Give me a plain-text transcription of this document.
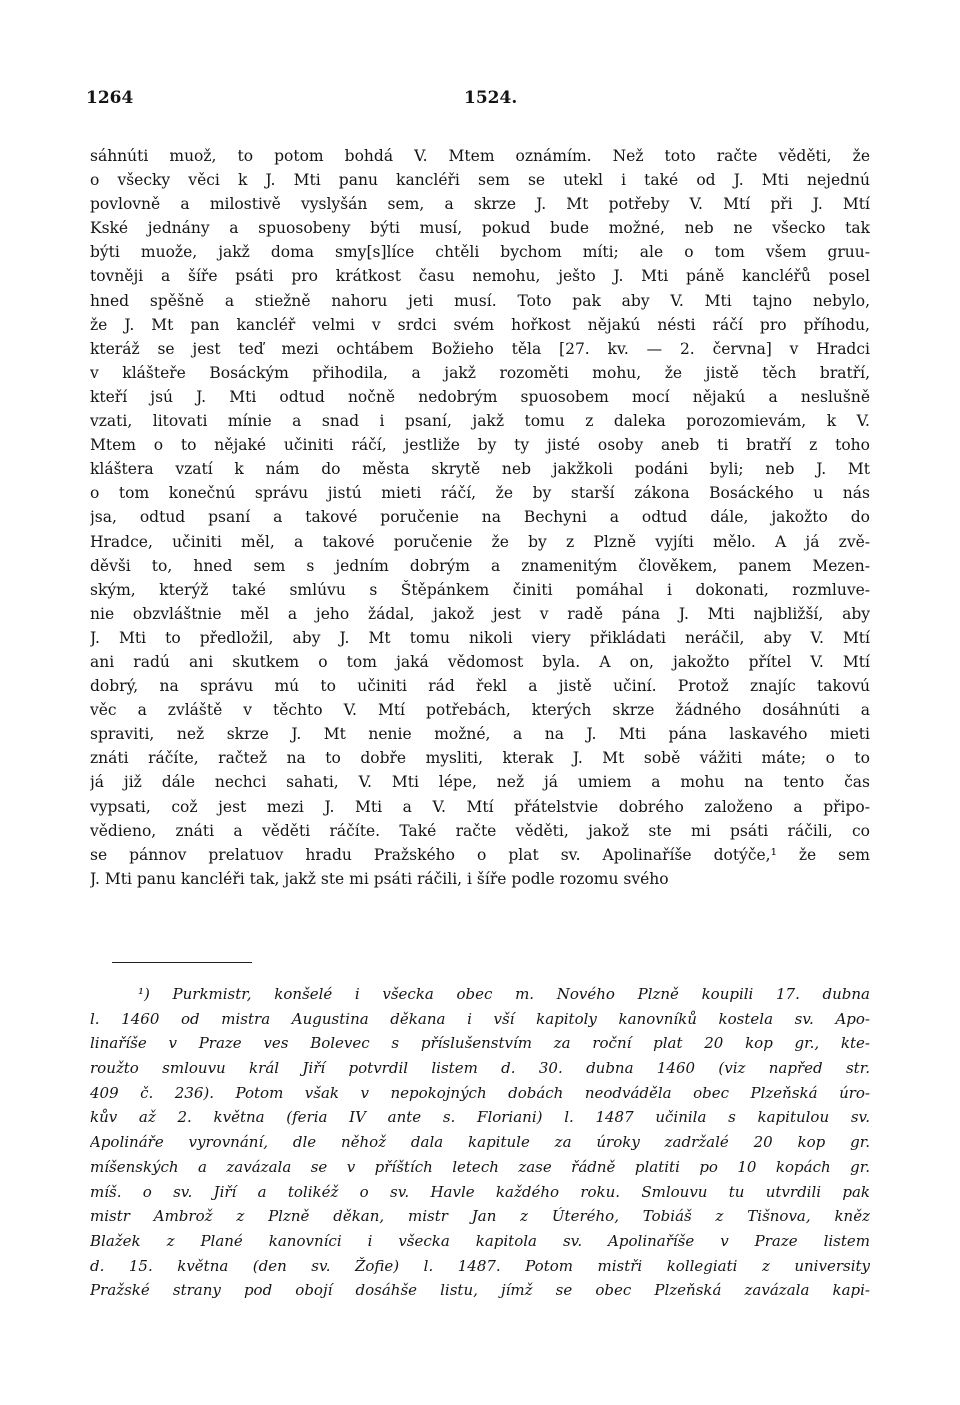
1264	1524.
sáhnúti muož, to potom bohdá V. Mtem oznámím. Než toto račte věděti, že
o všecky věci k J. Mti panu kancléři sem se utekl i také od J. Mti nejednú
povlovně a milostivě vyslyšán sem, a skrze J. Mt potřeby V. Mtí při J. Mtí
Kské jednány a spuosobeny býti musí, pokud bude možné, neb ne všecko tak
býti muože, jakž doma smy[s]líce chtěli bychom míti; ale o tom všem gruu-
tovněji a šíře psáti pro krátkost času nemohu, ješto J. Mti páně kancléřů posel
hned spěšně a stiežně nahoru jeti musí. Toto pak aby V. Mti tajno nebylo,
že J. Mt pan kancléř velmi v srdci svém hořkost nějakú nésti ráčí pro příhodu,
kteráž se jest teď mezi ochtábem Božieho těla [27. kv. — 2. června] v Hradci
v klášteře Bosáckým přihodila, a jakž rozoměti mohu, že jistě těch bratří,
kteří jsú J. Mti odtud nočně nedobrým spuosobem mocí nějakú a neslušně
vzati, litovati mínie a snad i psaní, jakž tomu z daleka porozomievám, k V.
Mtem o to nějaké učiniti ráčí, jestliže by ty jisté osoby aneb ti bratří z toho
kláštera vzatí k nám do města skrytě neb jakžkoli podáni byli; neb J. Mt
o tom konečnú správu jistú mieti ráčí, že by starší zákona Bosáckého u nás
jsa, odtud psaní a takové poručenie na Bechyni a odtud dále, jakožto do
Hradce, učiniti měl, a takové poručenie že by z Plzně vyjíti mělo. A já zvě-
děvši to, hned sem s jedním dobrým a znamenitým člověkem, panem Mezen-
ským, kterýž také smlúvu s Štěpánkem činiti pomáhal i dokonati, rozmluve-
nie obzvláštnie měl a jeho žádal, jakož jest v radě pána J. Mti najbližší, aby
J. Mti to předložil, aby J. Mt tomu nikoli viery přikládati neráčil, aby V. Mtí
ani radú ani skutkem o tom jaká vědomost byla. A on, jakožto přítel V. Mtí
dobrý, na správu mú to učiniti rád řekl a jistě učiní. Protož znajíc takovú
věc a zvláště v těchto V. Mtí potřebách, kterých skrze žádného dosáhnúti a
spraviti, než skrze J. Mt nenie možné, a na J. Mti pána laskavého mieti
znáti ráčíte, račtež na to dobře mysliti, kterak J. Mt sobě vážiti máte; o to
já již dále nechci sahati, V. Mti lépe, než já umiem a mohu na tento čas
vypsati, což jest mezi J. Mti a V. Mtí přátelstvie dobrého založeno a připo-
vědieno, znáti a věděti ráčíte. Také račte věděti, jakož ste mi psáti ráčili, co
se pánnov prelatuov hradu Pražského o plat sv. Apolinaříše dotýče,¹ že sem
J. Mti panu kancléři tak, jakž ste mi psáti ráčili, i šíře podle rozomu svého
¹) Purkmistr, konšelé i všecka obec m. Nového Plzně koupili 17. dubna
l. 1460 od mistra Augustina děkana i vší kapitoly kanovníků kostela sv. Apo-
linaříše v Praze ves Bolevec s příslušenstvím za roční plat 20 kop gr., kte-
roužto smlouvu král Jiří potvrdil listem d. 30. dubna 1460 (viz napřed str.
409 č. 236). Potom však v nepokojných dobách neodváděla obec Plzeňská úro-
kův až 2. května (feria IV ante s. Floriani) l. 1487 učinila s kapitulou sv.
Apolináře vyrovnání, dle něhož dala kapitule za úroky zadržalé 20 kop gr.
míšenských a zavázala se v příštích letech zase řádně platiti po 10 kopách gr.
míš. o sv. Jiří a tolikéž o sv. Havle každého roku. Smlouvu tu utvrdili pak
mistr Ambrož z Plzně děkan, mistr Jan z Úterého, Tobiáš z Tišnova, kněz
Blažek z Plané kanovníci i všecka kapitola sv. Apolinaříše v Praze listem
d. 15. května (den sv. Žofie) l. 1487. Potom mistři kollegiati z university
Pražské strany pod obojí dosáhše listu, jímž se obec Plzeňská zavázala kapi-
